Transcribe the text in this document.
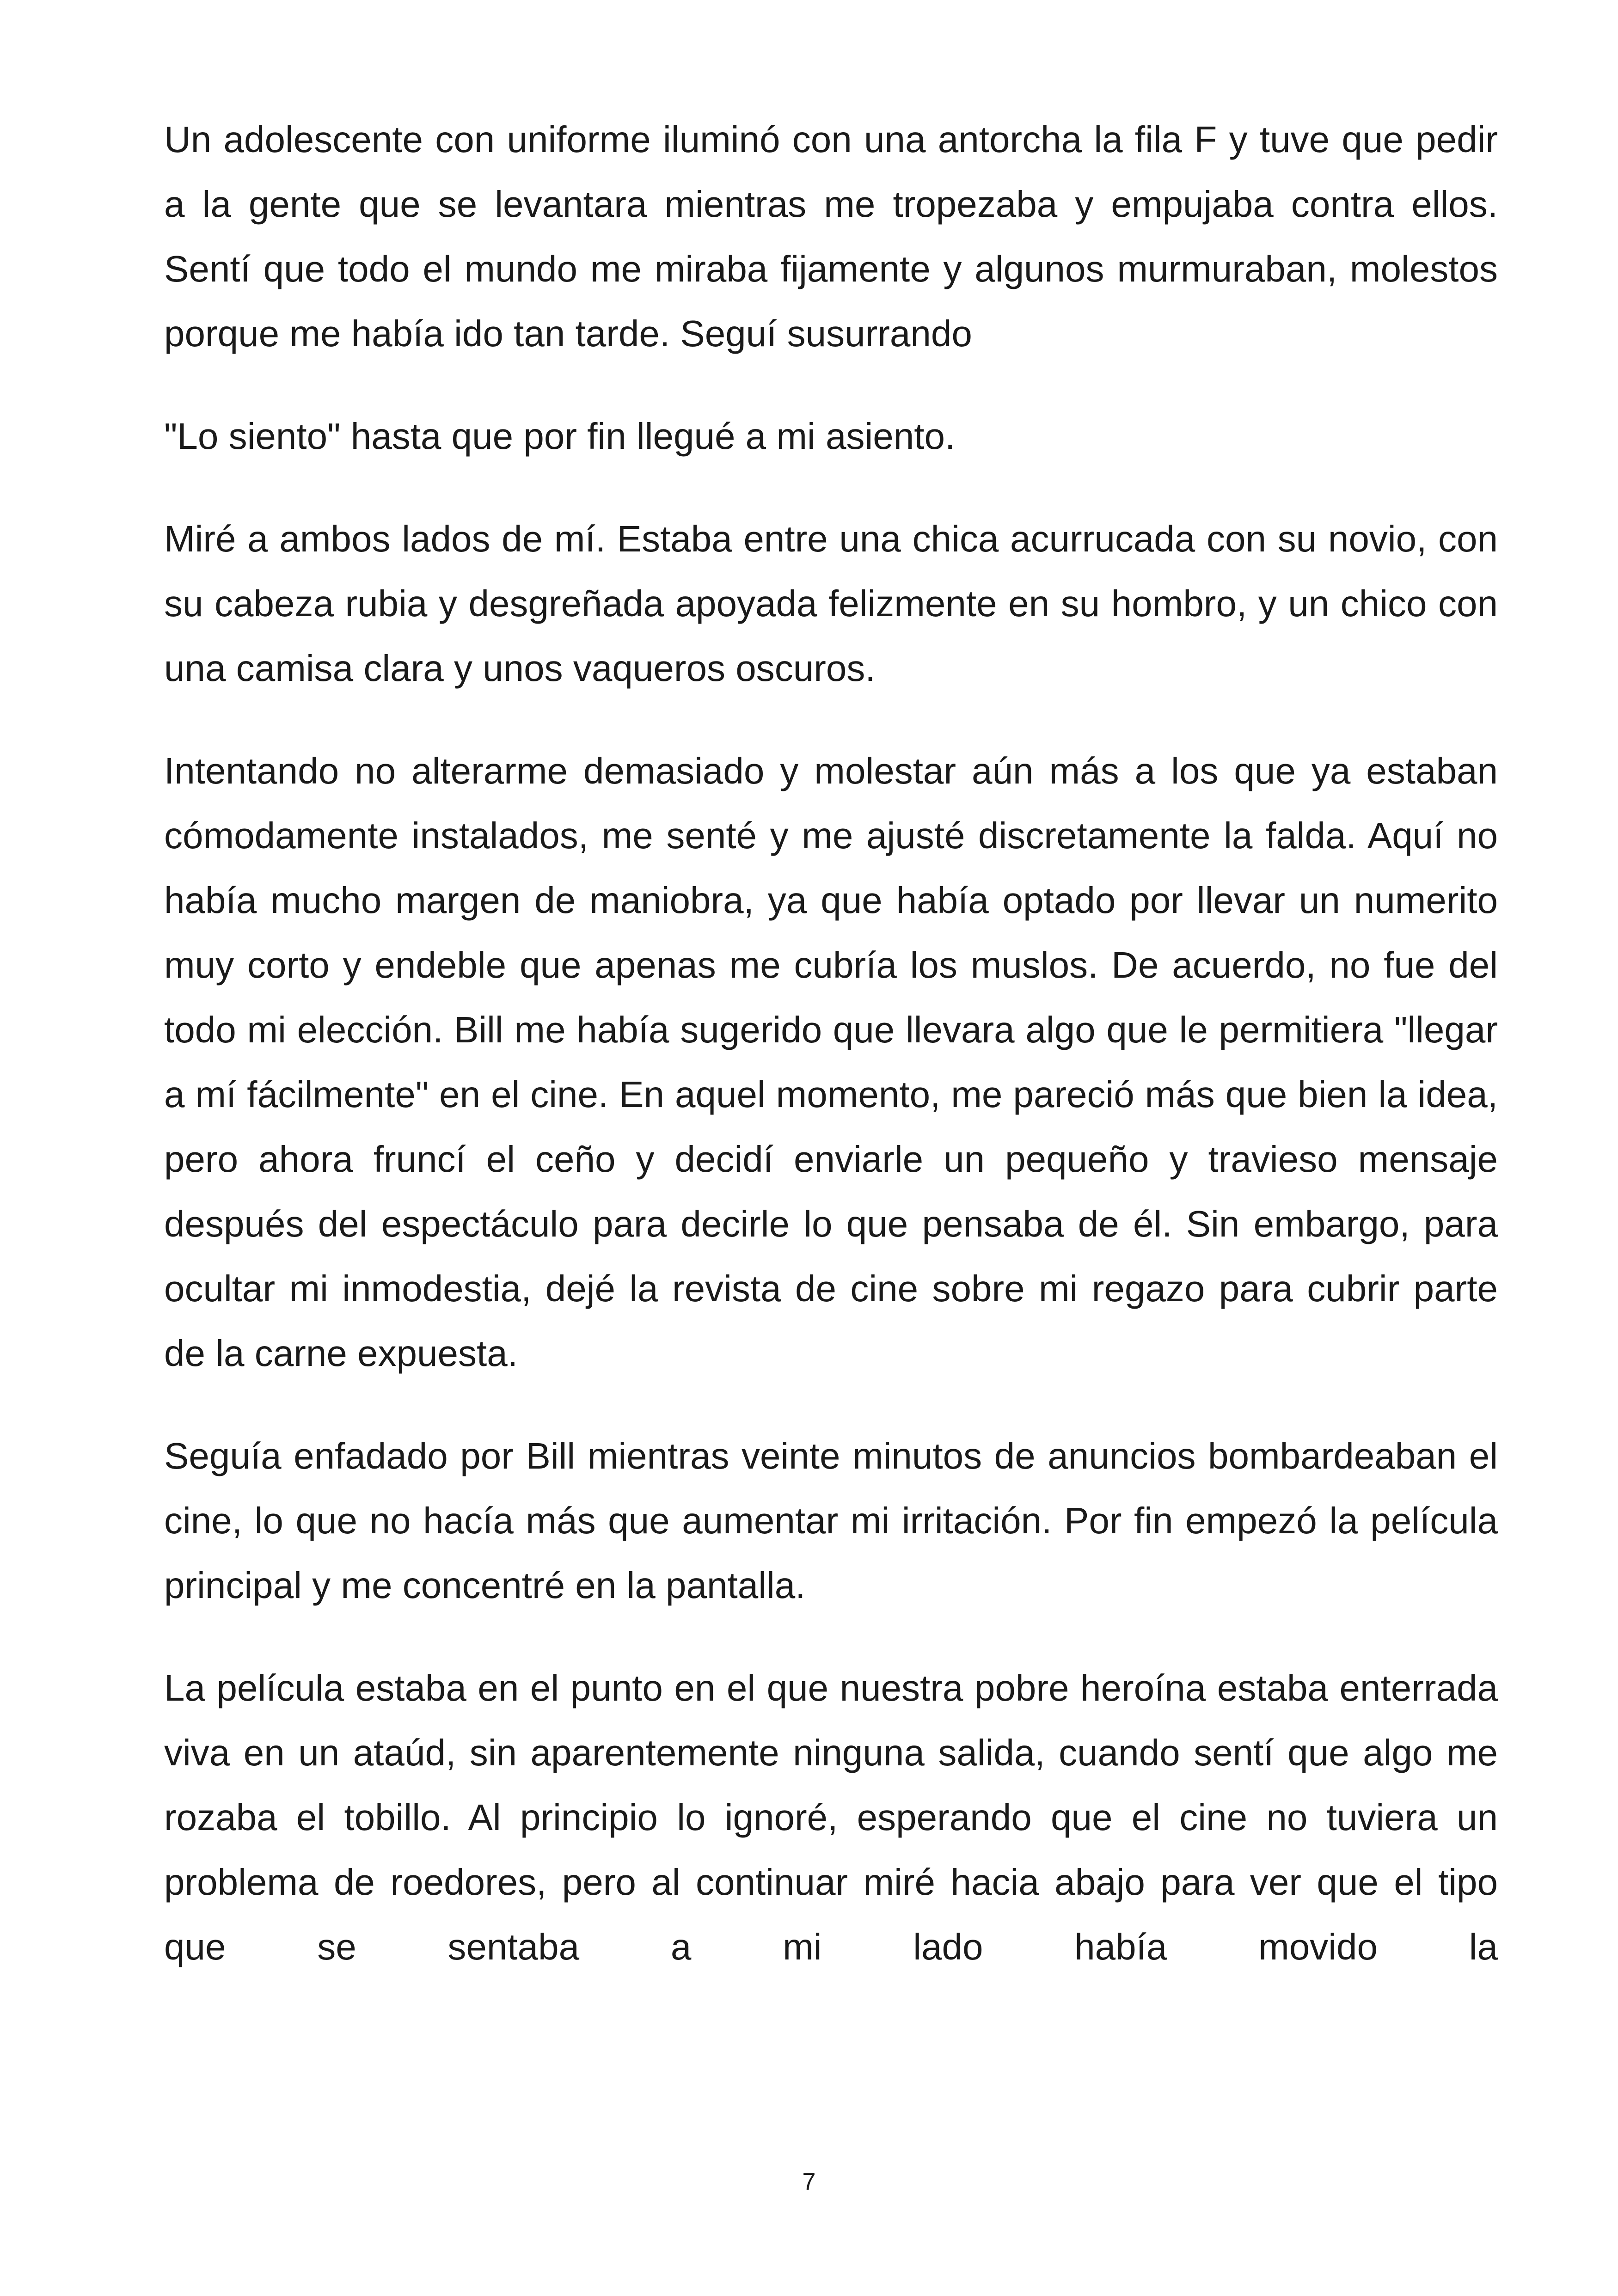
Un adolescente con uniforme iluminó con una antorcha la fila F y tuve que pedir a la gente que se levantara mientras me tropezaba y empujaba contra ellos. Sentí que todo el mundo me miraba fijamente y algunos murmuraban, molestos porque me había ido tan tarde. Seguí susurrando

"Lo siento" hasta que por fin llegué a mi asiento.

Miré a ambos lados de mí. Estaba entre una chica acurrucada con su novio, con su cabeza rubia y desgreñada apoyada felizmente en su hombro, y un chico con una camisa clara y unos vaqueros oscuros.

Intentando no alterarme demasiado y molestar aún más a los que ya estaban cómodamente instalados, me senté y me ajusté discretamente la falda. Aquí no había mucho margen de maniobra, ya que había optado por llevar un numerito muy corto y endeble que apenas me cubría los muslos. De acuerdo, no fue del todo mi elección. Bill me había sugerido que llevara algo que le permitiera "llegar a mí fácilmente" en el cine. En aquel momento, me pareció más que bien la idea, pero ahora fruncí el ceño y decidí enviarle un pequeño y travieso mensaje después del espectáculo para decirle lo que pensaba de él. Sin embargo, para ocultar mi inmodestia, dejé la revista de cine sobre mi regazo para cubrir parte de la carne expuesta.

Seguía enfadado por Bill mientras veinte minutos de anuncios bombardeaban el cine, lo que no hacía más que aumentar mi irritación. Por fin empezó la película principal y me concentré en la pantalla.

La película estaba en el punto en el que nuestra pobre heroína estaba enterrada viva en un ataúd, sin aparentemente ninguna salida, cuando sentí que algo me rozaba el tobillo. Al principio lo ignoré, esperando que el cine no tuviera un problema de roedores, pero al continuar miré hacia abajo para ver que el tipo que se sentaba a mi lado había movido la

7
